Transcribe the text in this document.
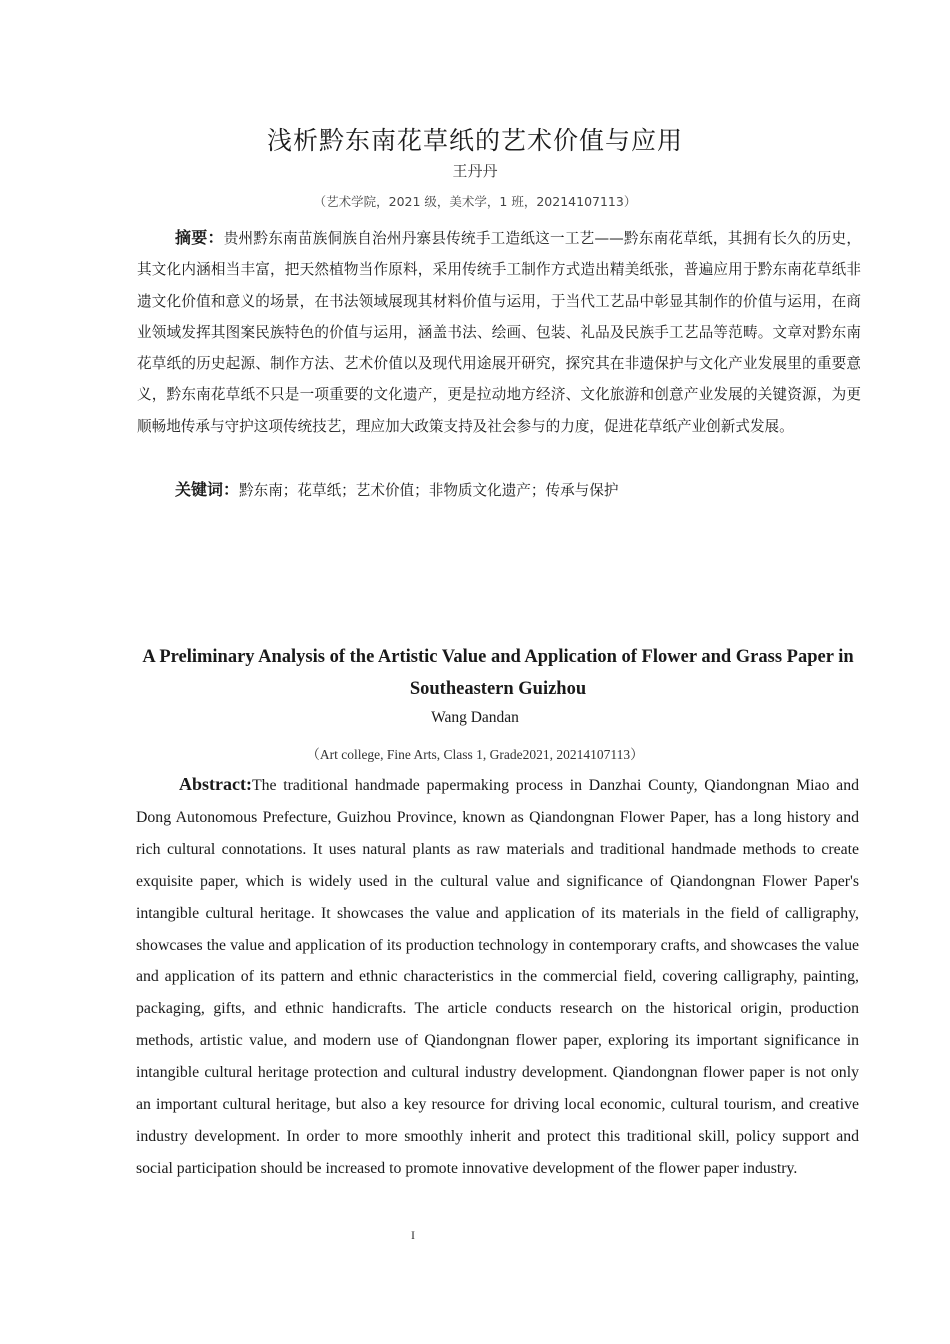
浅析黔东南花草纸的艺术价值与应用
王丹丹
（艺术学院，2021 级，美术学，1 班，20214107113）

摘要：贵州黔东南苗族侗族自治州丹寨县传统手工造纸这一工艺——黔东南花草纸，其拥有长久的历史，其文化内涵相当丰富，把天然植物当作原料，采用传统手工制作方式造出精美纸张，普遍应用于黔东南花草纸非遗文化价值和意义的场景，在书法领域展现其材料价值与运用，于当代工艺品中彰显其制作的价值与运用，在商业领域发挥其图案民族特色的价值与运用，涵盖书法、绘画、包装、礼品及民族手工艺品等范畴。文章对黔东南花草纸的历史起源、制作方法、艺术价值以及现代用途展开研究，探究其在非遗保护与文化产业发展里的重要意义，黔东南花草纸不只是一项重要的文化遗产，更是拉动地方经济、文化旅游和创意产业发展的关键资源，为更顺畅地传承与守护这项传统技艺，理应加大政策支持及社会参与的力度，促进花草纸产业创新式发展。

关键词：黔东南；花草纸；艺术价值；非物质文化遗产；传承与保护

A Preliminary Analysis of the Artistic Value and Application of Flower and Grass Paper in Southeastern Guizhou

Wang Dandan
（Art college, Fine Arts, Class 1, Grade2021, 20214107113）

Abstract:The traditional handmade papermaking process in Danzhai County, Qiandongnan Miao and Dong Autonomous Prefecture, Guizhou Province, known as Qiandongnan Flower Paper, has a long history and rich cultural connotations. It uses natural plants as raw materials and traditional handmade methods to create exquisite paper, which is widely used in the cultural value and significance of Qiandongnan Flower Paper's intangible cultural heritage. It showcases the value and application of its materials in the field of calligraphy, showcases the value and application of its production technology in contemporary crafts, and showcases the value and application of its pattern and ethnic characteristics in the commercial field, covering calligraphy, painting, packaging, gifts, and ethnic handicrafts. The article conducts research on the historical origin, production methods, artistic value, and modern use of Qiandongnan flower paper, exploring its important significance in intangible cultural heritage protection and cultural industry development. Qiandongnan flower paper is not only an important cultural heritage, but also a key resource for driving local economic, cultural tourism, and creative industry development. In order to more smoothly inherit and protect this traditional skill, policy support and social participation should be increased to promote innovative development of the flower paper industry.

I
